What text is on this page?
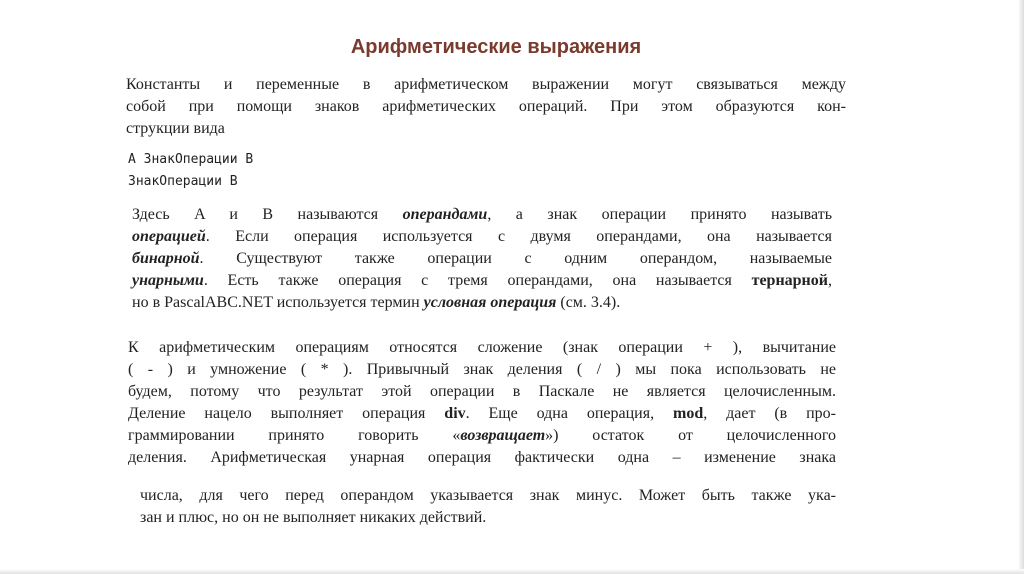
Арифметические выражения
Константы и переменные в арифметическом выражении могут связываться между
собой при помощи знаков арифметических операций. При этом образуются кон-
струкции вида
A ЗнакОперации B
ЗнакОперации B
Здесь A и B называются операндами, а знак операции принято называть
операцией. Если операция используется с двумя операндами, она называется
бинарной. Существуют также операции с одним операндом, называемые
унарными. Есть также операция с тремя операндами, она называется тернарной,
но в PascalABC.NET используется термин условная операция (см. 3.4).
К арифметическим операциям относятся сложение (знак операции + ), вычитание
( - ) и умножение ( * ). Привычный знак деления ( / ) мы пока использовать не
будем, потому что результат этой операции в Паскале не является целочисленным.
Деление нацело выполняет операция div. Еще одна операция, mod, дает (в про-
граммировании принято говорить «возвращает») остаток от целочисленного
деления. Арифметическая унарная операция фактически одна – изменение знака
числа, для чего перед операндом указывается знак минус. Может быть также ука-
зан и плюс, но он не выполняет никаких действий.
